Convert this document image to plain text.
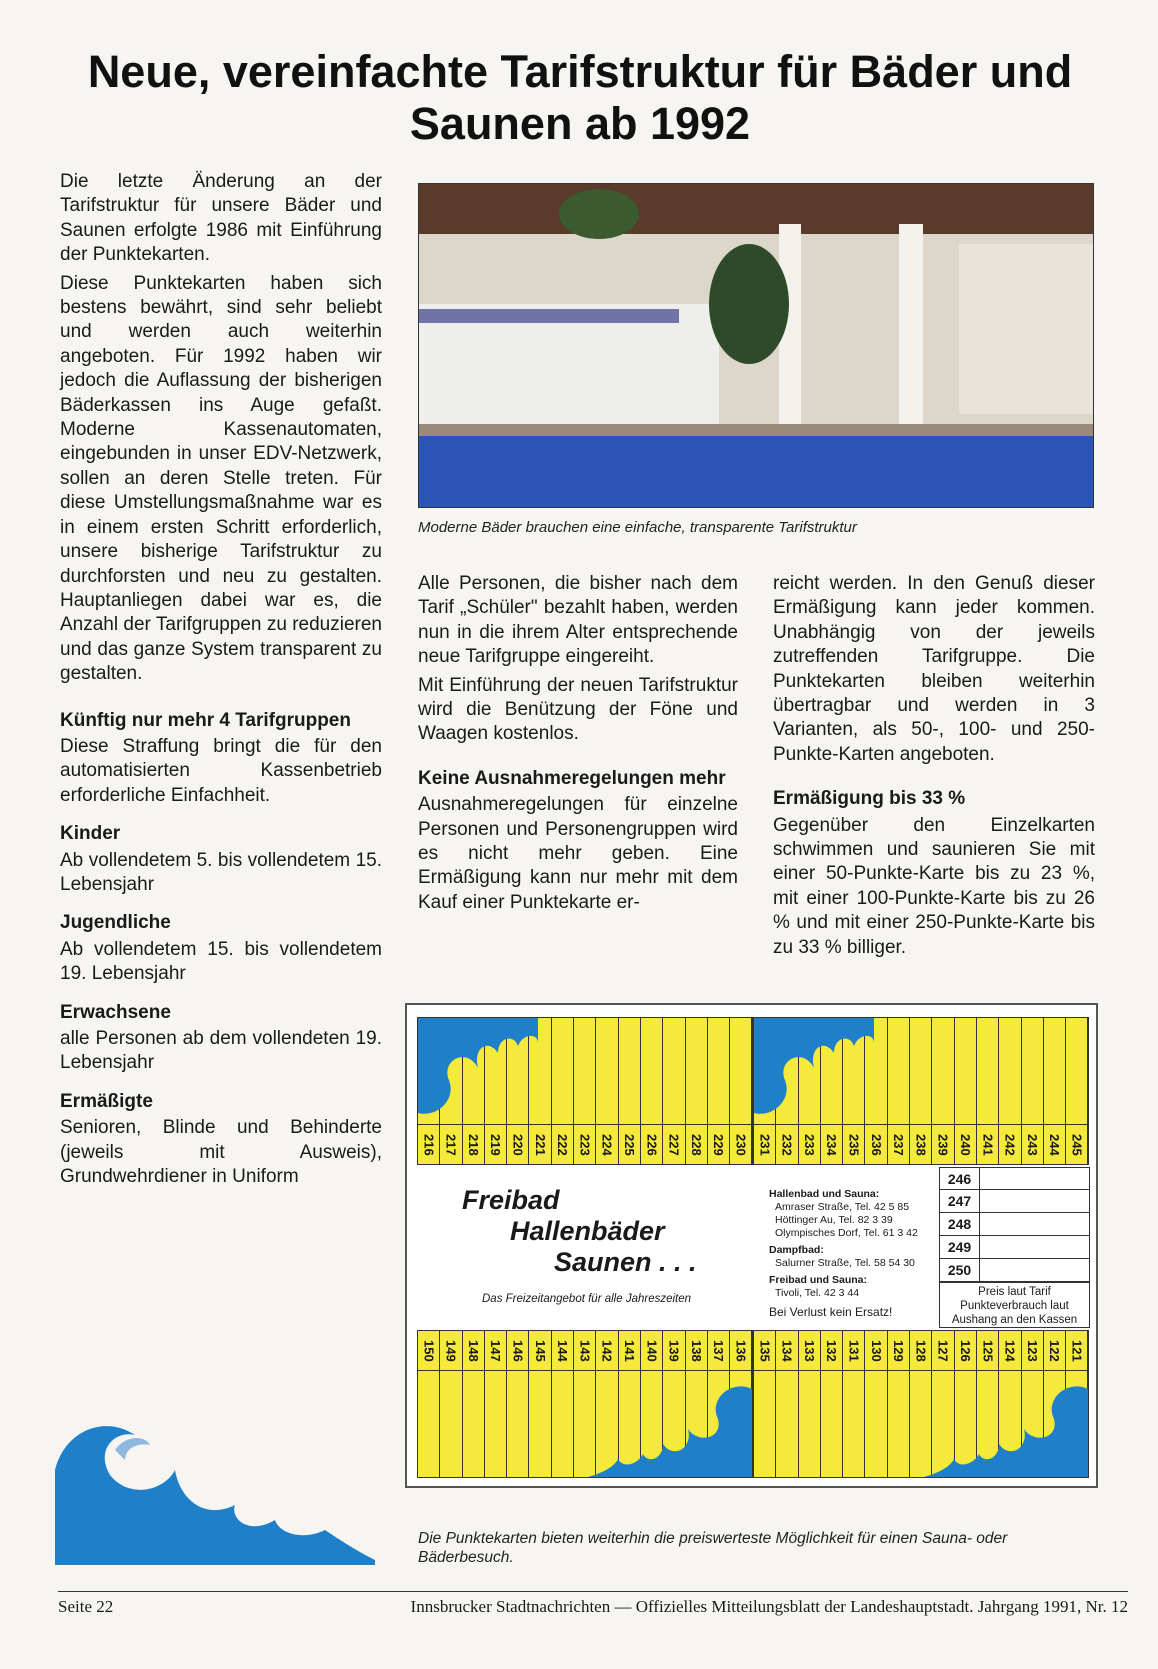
Neue, vereinfachte Tarifstruktur für Bäder und Saunen ab 1992

Die letzte Änderung an der Tarifstruktur für unsere Bäder und Saunen erfolgte 1986 mit Einführung der Punktekarten.

Diese Punktekarten haben sich bestens bewährt, sind sehr beliebt und werden auch weiterhin angeboten. Für 1992 haben wir jedoch die Auflassung der bisherigen Bäderkassen ins Auge gefaßt. Moderne Kassenautomaten, eingebunden in unser EDV-Netzwerk, sollen an deren Stelle treten. Für diese Umstellungsmaßnahme war es in einem ersten Schritt erforderlich, unsere bisherige Tarifstruktur zu durchforsten und neu zu gestalten. Hauptanliegen dabei war es, die Anzahl der Tarifgruppen zu reduzieren und das ganze System transparent zu gestalten.

Künftig nur mehr 4 Tarifgruppen

Diese Straffung bringt die für den automatisierten Kassenbetrieb erforderliche Einfachheit.

Kinder

Ab vollendetem 5. bis vollendetem 15. Lebensjahr

Jugendliche

Ab vollendetem 15. bis vollendetem 19. Lebensjahr

Erwachsene

alle Personen ab dem vollendeten 19. Lebensjahr

Ermäßigte

Senioren, Blinde und Behinderte (jeweils mit Ausweis), Grundwehrdiener in Uniform

Moderne Bäder brauchen eine einfache, transparente Tarifstruktur

Alle Personen, die bisher nach dem Tarif „Schüler" bezahlt haben, werden nun in die ihrem Alter entsprechende neue Tarifgruppe eingereiht.

Mit Einführung der neuen Tarifstruktur wird die Benützung der Föne und Waagen kostenlos.

Keine Ausnahmeregelungen mehr

Ausnahmeregelungen für einzelne Personen und Personengruppen wird es nicht mehr geben. Eine Ermäßigung kann nur mehr mit dem Kauf einer Punktekarte er-

reicht werden. In den Genuß dieser Ermäßigung kann jeder kommen. Unabhängig von der jeweils zutreffenden Tarifgruppe. Die Punktekarten bleiben weiterhin übertragbar und werden in 3 Varianten, als 50-, 100- und 250-Punkte-Karten angeboten.

Ermäßigung bis 33 %

Gegenüber den Einzelkarten schwimmen und saunieren Sie mit einer 50-Punkte-Karte bis zu 23 %, mit einer 100-Punkte-Karte bis zu 26 % und mit einer 250-Punkte-Karte bis zu 33 % billiger.

216 217 218 219 220 221 222 223 224 225 226 227 228 229 230 231 232 233 234 235 236 237 238 239 240 241 242 243 244 245
150 149 148 147 146 145 144 143 142 141 140 139 138 137 136 135 134 133 132 131 130 129 128 127 126 125 124 123 122 121
Freibad
Hallenbäder
Saunen . . .
Das Freizeitangebot für alle Jahreszeiten
Hallenbad und Sauna:
Amraser Straße, Tel. 42 5 85
Höttinger Au, Tel. 82 3 39
Olympisches Dorf, Tel. 61 3 42
Dampfbad:
Salurner Straße, Tel. 58 54 30
Freibad und Sauna:
Tivoli, Tel. 42 3 44
Bei Verlust kein Ersatz!
246
247
248
249
250
Preis laut Tarif Punkteverbrauch laut Aushang an den Kassen
Die Punktekarten bieten weiterhin die preiswerteste Möglichkeit für einen Sauna- oder Bäderbesuch.
Seite 22	Innsbrucker Stadtnachrichten — Offizielles Mitteilungsblatt der Landeshauptstadt. Jahrgang 1991, Nr. 12
